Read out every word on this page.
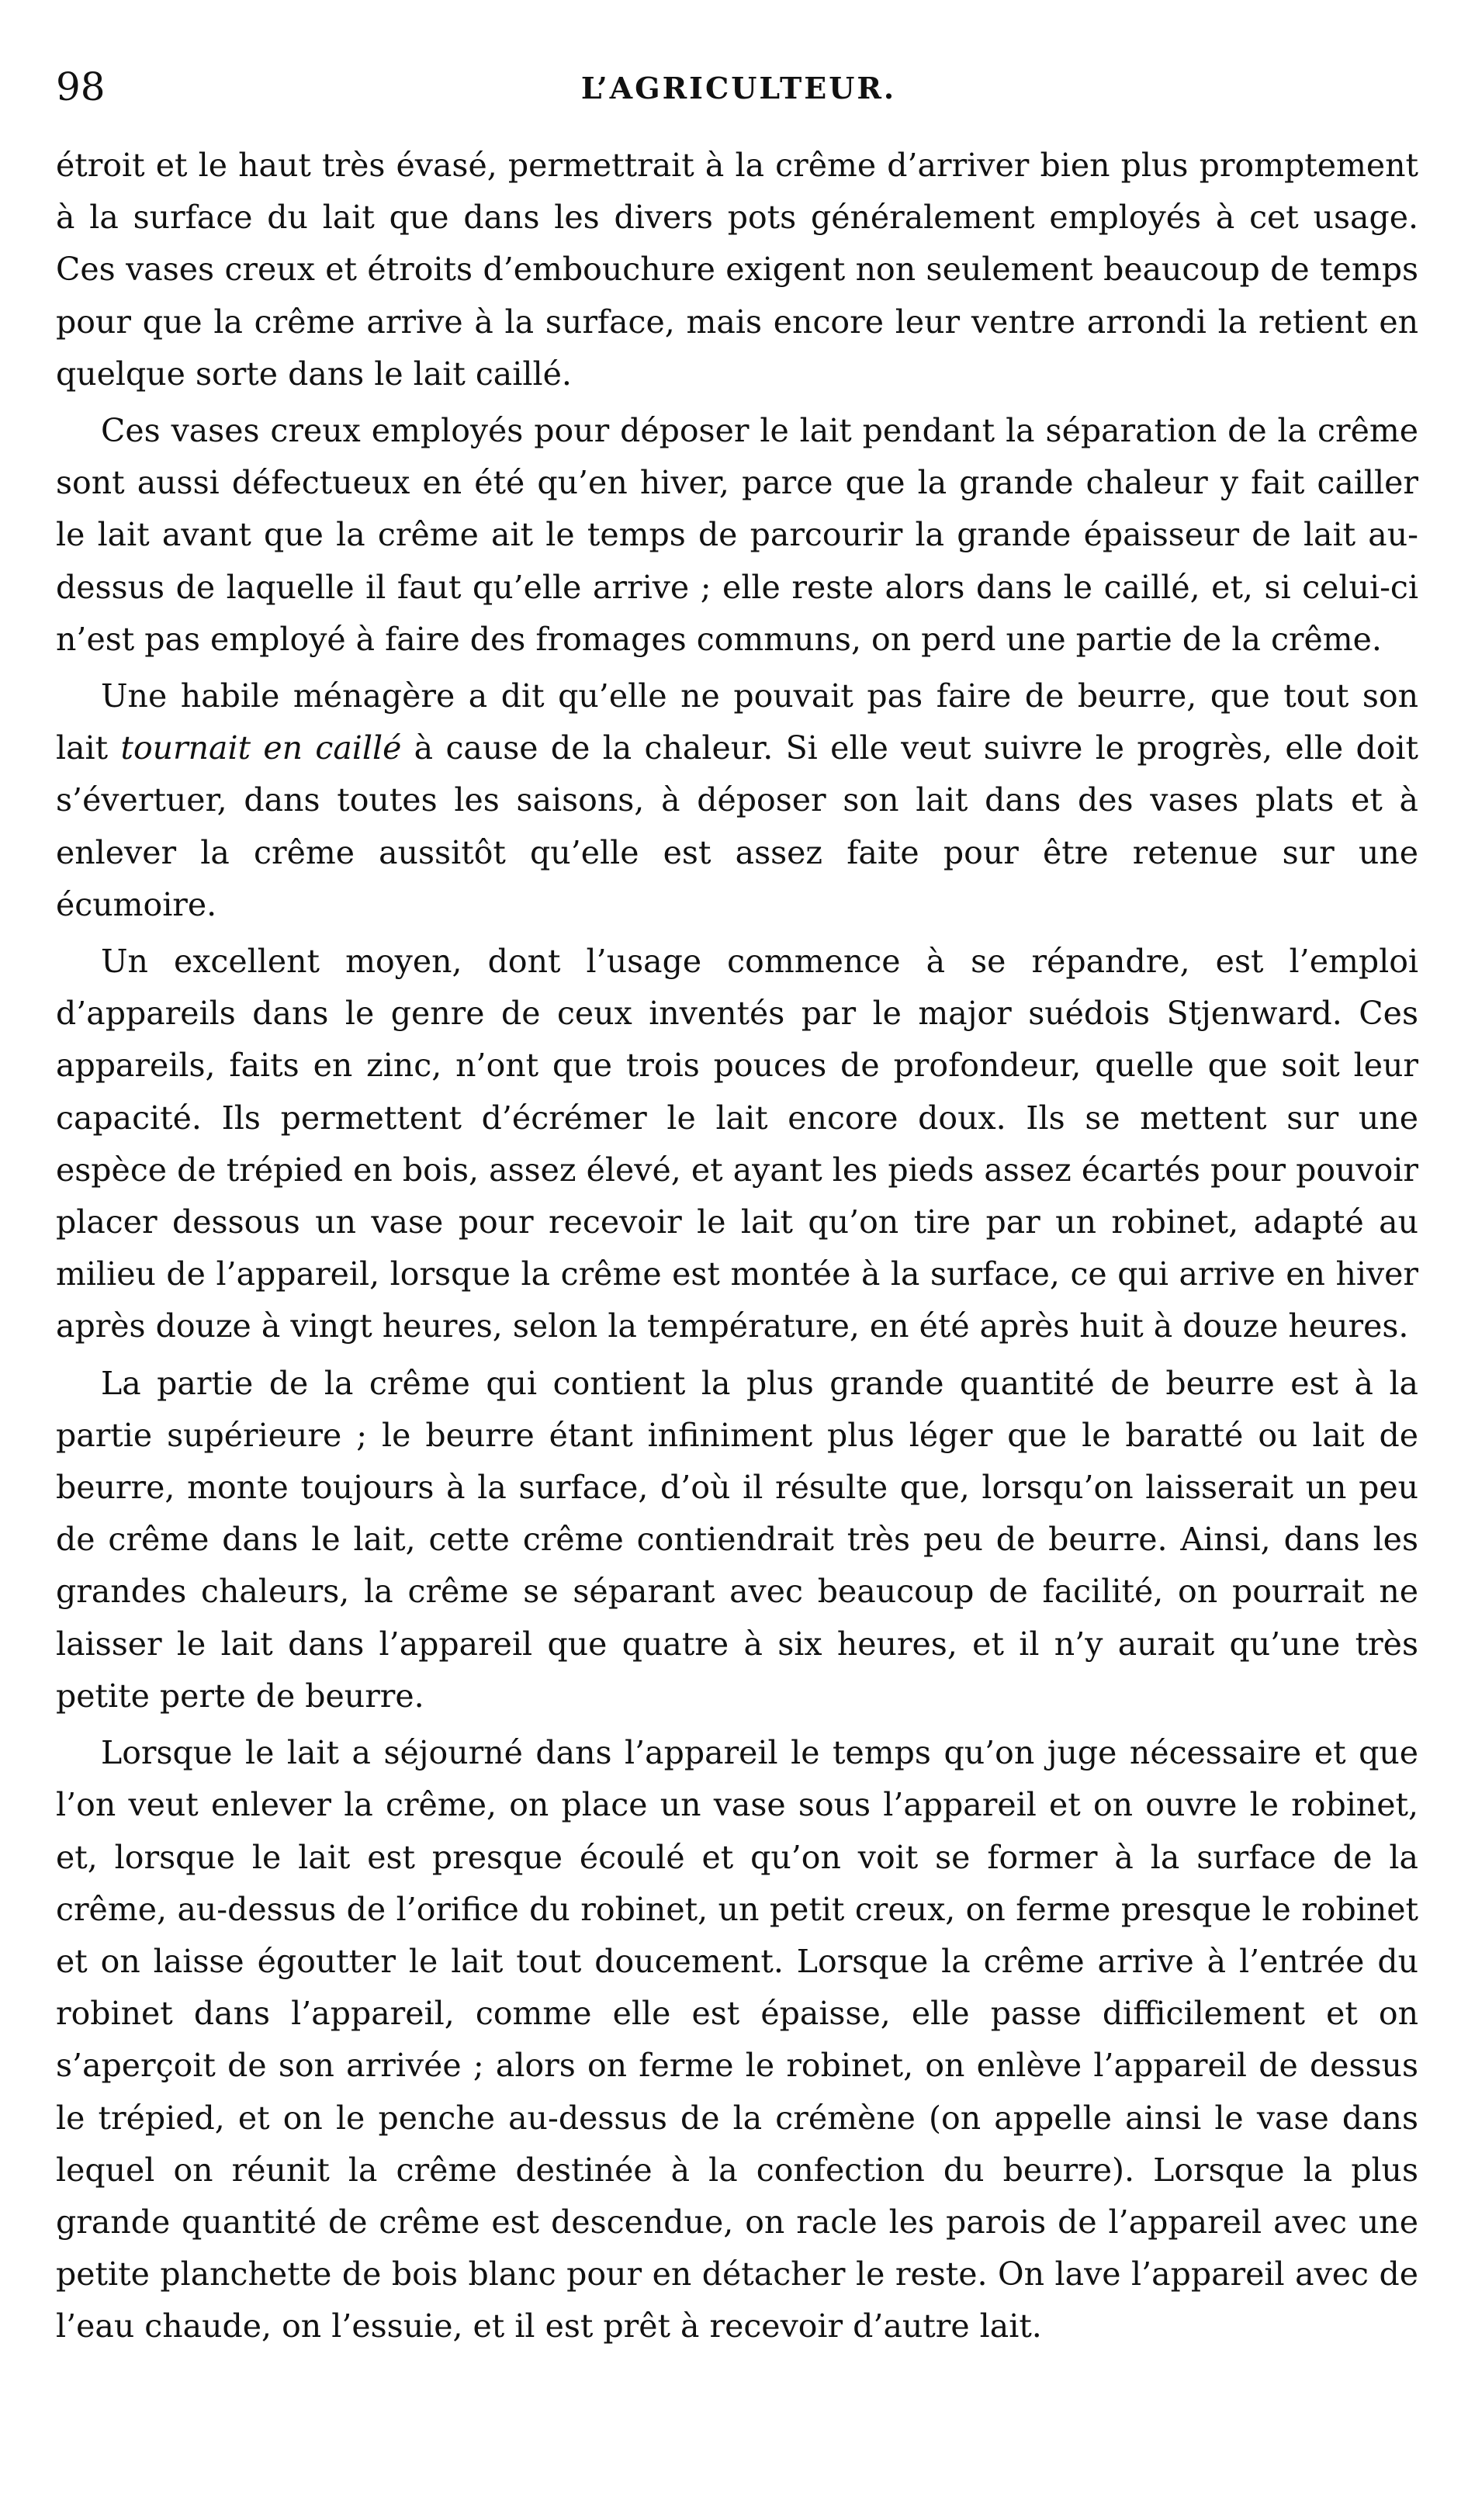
98	L’AGRICULTEUR.

étroit et le haut très évasé, permettrait à la crême d’arriver bien plus promptement à la surface du lait que dans les divers pots généralement employés à cet usage. Ces vases creux et étroits d’embouchure exigent non seulement beaucoup de temps pour que la crême arrive à la surface, mais encore leur ventre arrondi la retient en quelque sorte dans le lait caillé.

Ces vases creux employés pour déposer le lait pendant la séparation de la crême sont aussi défectueux en été qu’en hiver, parce que la grande chaleur y fait cailler le lait avant que la crême ait le temps de parcourir la grande épaisseur de lait au-dessus de laquelle il faut qu’elle arrive ; elle reste alors dans le caillé, et, si celui-ci n’est pas employé à faire des fromages communs, on perd une partie de la crême.

Une habile ménagère a dit qu’elle ne pouvait pas faire de beurre, que tout son lait tournait en caillé à cause de la chaleur. Si elle veut suivre le progrès, elle doit s’évertuer, dans toutes les saisons, à déposer son lait dans des vases plats et à enlever la crême aussitôt qu’elle est assez faite pour être retenue sur une écumoire.

Un excellent moyen, dont l’usage commence à se répandre, est l’emploi d’appareils dans le genre de ceux inventés par le major suédois Stjenward. Ces appareils, faits en zinc, n’ont que trois pouces de profondeur, quelle que soit leur capacité. Ils permettent d’écrémer le lait encore doux. Ils se mettent sur une espèce de trépied en bois, assez élevé, et ayant les pieds assez écartés pour pouvoir placer dessous un vase pour recevoir le lait qu’on tire par un robinet, adapté au milieu de l’appareil, lorsque la crême est montée à la surface, ce qui arrive en hiver après douze à vingt heures, selon la température, en été après huit à douze heures.

La partie de la crême qui contient la plus grande quantité de beurre est à la partie supérieure ; le beurre étant infiniment plus léger que le baratté ou lait de beurre, monte toujours à la surface, d’où il résulte que, lorsqu’on laisserait un peu de crême dans le lait, cette crême contiendrait très peu de beurre. Ainsi, dans les grandes chaleurs, la crême se séparant avec beaucoup de facilité, on pourrait ne laisser le lait dans l’appareil que quatre à six heures, et il n’y aurait qu’une très petite perte de beurre.

Lorsque le lait a séjourné dans l’appareil le temps qu’on juge nécessaire et que l’on veut enlever la crême, on place un vase sous l’appareil et on ouvre le robinet, et, lorsque le lait est presque écoulé et qu’on voit se former à la surface de la crême, au-dessus de l’orifice du robinet, un petit creux, on ferme presque le robinet et on laisse égoutter le lait tout doucement. Lorsque la crême arrive à l’entrée du robinet dans l’appareil, comme elle est épaisse, elle passe difficilement et on s’aperçoit de son arrivée ; alors on ferme le robinet, on enlève l’appareil de dessus le trépied, et on le penche au-dessus de la crémène (on appelle ainsi le vase dans lequel on réunit la crême destinée à la confection du beurre). Lorsque la plus grande quantité de crême est descendue, on racle les parois de l’appareil avec une petite planchette de bois blanc pour en détacher le reste. On lave l’appareil avec de l’eau chaude, on l’essuie, et il est prêt à recevoir d’autre lait.
